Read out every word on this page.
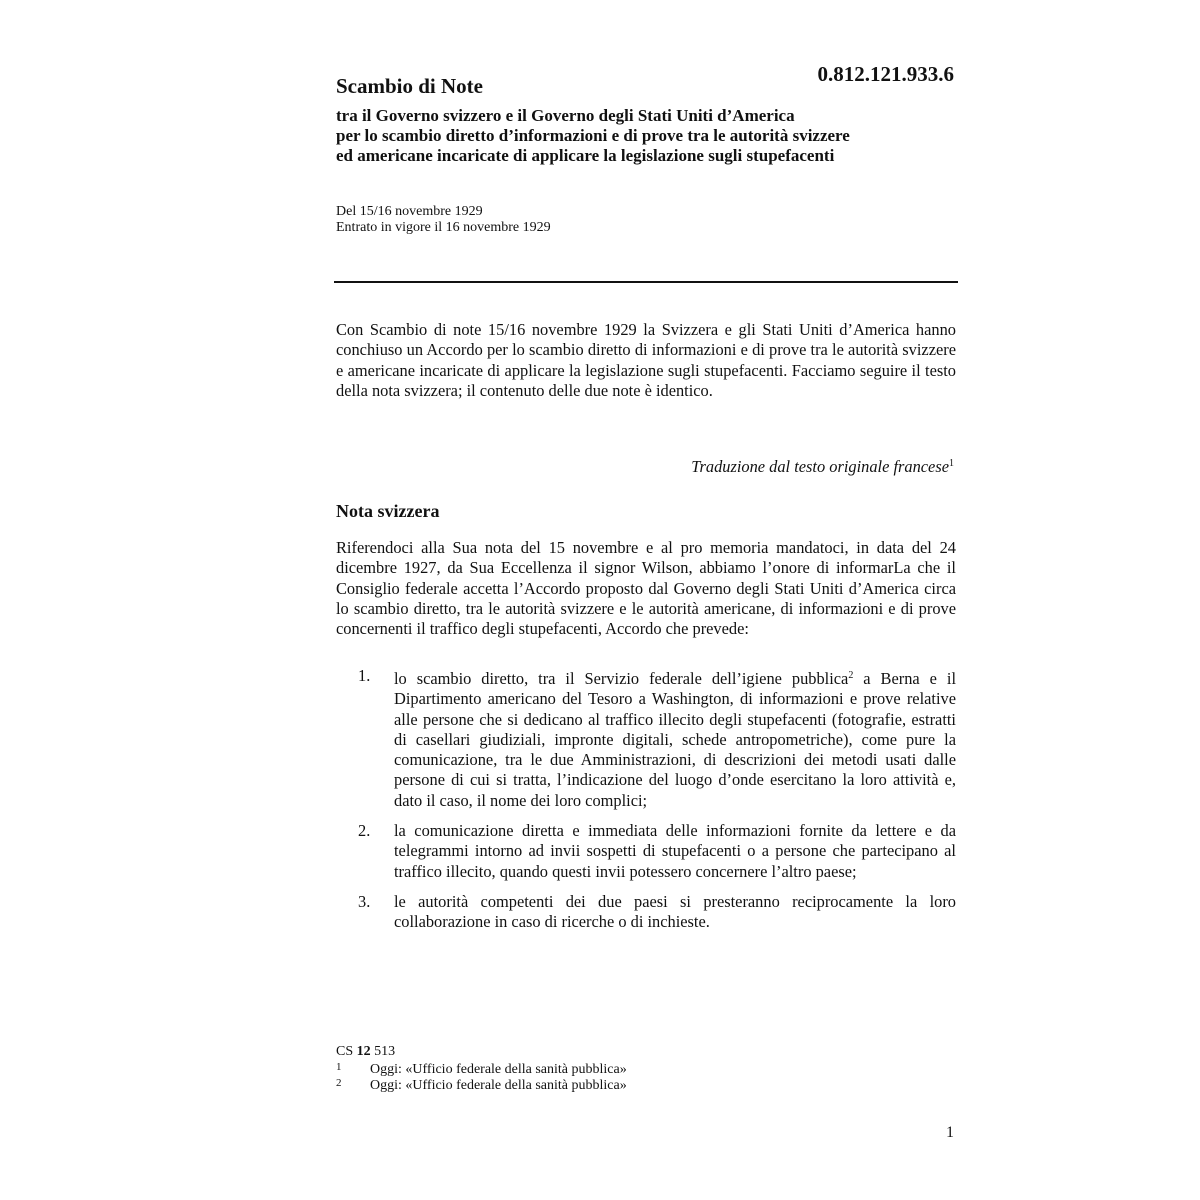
0.812.121.933.6
Scambio di Note
tra il Governo svizzero e il Governo degli Stati Uniti d’America
per lo scambio diretto d’informazioni e di prove tra le autorità svizzere
ed americane incaricate di applicare la legislazione sugli stupefacenti
Del 15/16 novembre 1929
Entrato in vigore il 16 novembre 1929

Con Scambio di note 15/16 novembre 1929 la Svizzera e gli Stati Uniti d’America hanno conchiuso un Accordo per lo scambio diretto di informazioni e di prove tra le autorità svizzere e americane incaricate di applicare la legislazione sugli stupefacenti. Facciamo seguire il testo della nota svizzera; il contenuto delle due note è identico.

Traduzione dal testo originale francese$^1$
Nota svizzera

Riferendoci alla Sua nota del 15 novembre e al pro memoria mandatoci, in data del 24 dicembre 1927, da Sua Eccellenza il signor Wilson, abbiamo l’onore di informarLa che il Consiglio federale accetta l’Accordo proposto dal Governo degli Stati Uniti d’America circa lo scambio diretto, tra le autorità svizzere e le autorità americane, di informazioni e di prove concernenti il traffico degli stupefacenti, Accordo che prevede:

1. lo scambio diretto, tra il Servizio federale dell’igiene pubblica$^2$ a Berna e il Dipartimento americano del Tesoro a Washington, di informazioni e prove relative alle persone che si dedicano al traffico illecito degli stupefacenti (fotografie, estratti di casellari giudiziali, impronte digitali, schede antropometriche), come pure la comunicazione, tra le due Amministrazioni, di descrizioni dei metodi usati dalle persone di cui si tratta, l’indicazione del luogo d’onde esercitano la loro attività e, dato il caso, il nome dei loro complici;
2. la comunicazione diretta e immediata delle informazioni fornite da lettere e da telegrammi intorno ad invii sospetti di stupefacenti o a persone che partecipano al traffico illecito, quando questi invii potessero concernere l’altro paese;
3. le autorità competenti dei due paesi si presteranno reciprocamente la loro collaborazione in caso di ricerche o di inchieste.
CS 12 513
1 Oggi: «Ufficio federale della sanità pubblica»
2 Oggi: «Ufficio federale della sanità pubblica»
1
